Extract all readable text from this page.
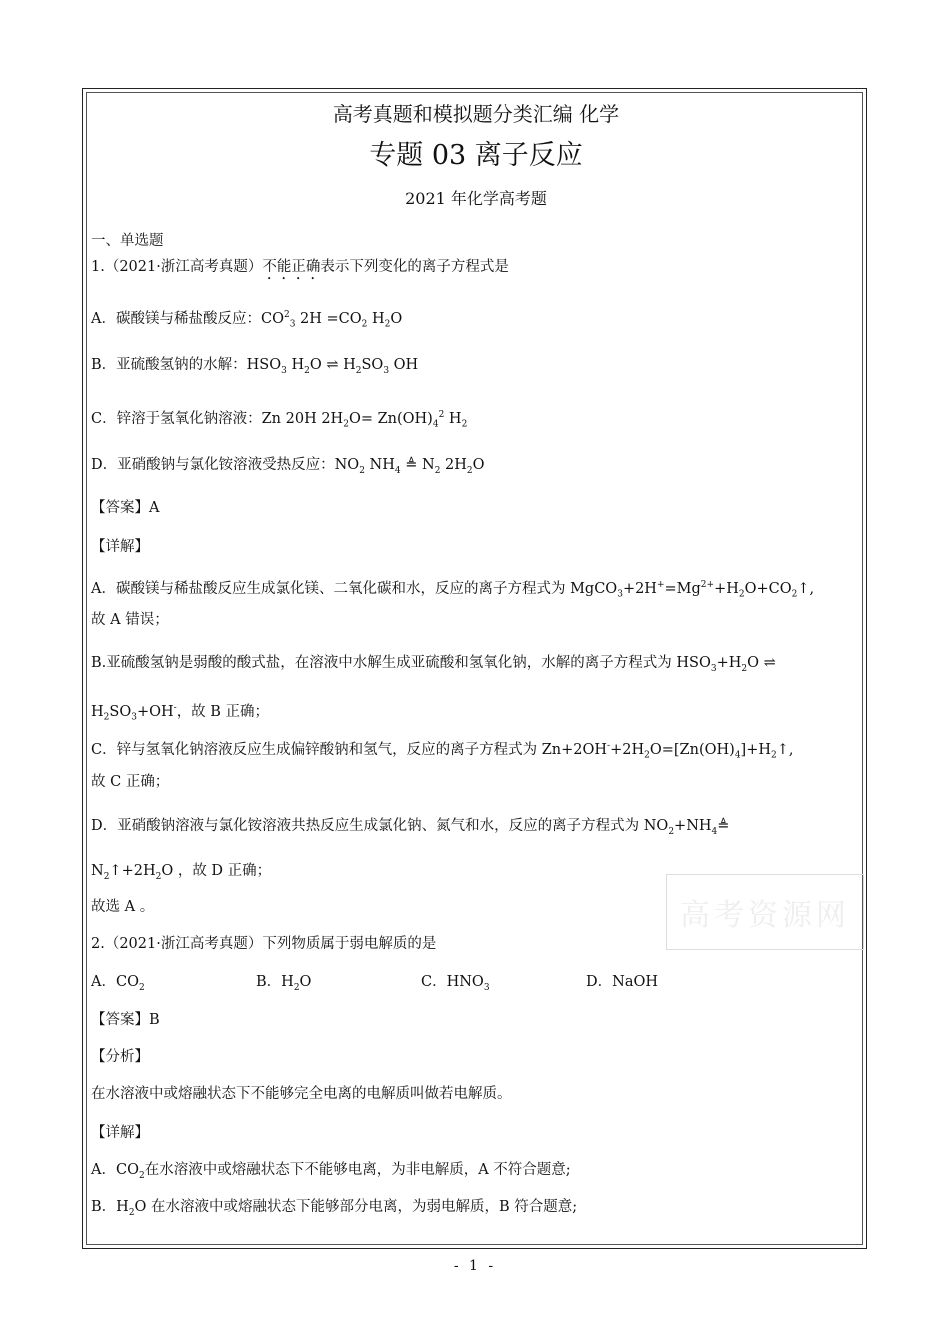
高考真题和模拟题分类汇编 化学

专题 03 离子反应

2021 年化学高考题

一、单选题
1.（2021·浙江高考真题）不能正确表示下列变化的离子方程式是
A．碳酸镁与稀盐酸反应：$CO^2_3$ $2H =CO_2$ $H_2O$
B．亚硫酸氢钠的水解：$HSO_3$ $H_2O$ ⇌ $H_2SO_3$ OH
C．锌溶于氢氧化钠溶液：Zn 20H $2H_2O= Zn(OH)_4^2$ $H_2$
D．亚硝酸钠与氯化铵溶液受热反应：$NO_2$ $NH_4$ ≜ $N_2$ $2H_2O$
【答案】A
【详解】
A．碳酸镁与稀盐酸反应生成氯化镁、二氧化碳和水，反应的离子方程式为 $MgCO_3+2H^+=Mg^{2+}+H_2O+CO_2↑$,
故 A 错误；
B.亚硫酸氢钠是弱酸的酸式盐，在溶液中水解生成亚硫酸和氢氧化钠，水解的离子方程式为 $HSO_3+H_2O$ ⇌
$H_2SO_3+OH^-$，故 B 正确；
C．锌与氢氧化钠溶液反应生成偏锌酸钠和氢气，反应的离子方程式为 $Zn+2OH^-+2H_2O=[Zn(OH)_4]+H_2↑$,
故 C 正确；
D．亚硝酸钠溶液与氯化铵溶液共热反应生成氯化钠、氮气和水，反应的离子方程式为 $NO_2+NH_4≜$
$N_2↑+2H_2O$ ，故 D 正确；
故选 A 。
2.（2021·浙江高考真题）下列物质属于弱电解质的是
A．$CO_2$	B．$H_2O$	C．$HNO_3$	D．NaOH
【答案】B
【分析】
在水溶液中或熔融状态下不能够完全电离的电解质叫做若电解质。
【详解】
A．$CO_2$在水溶液中或熔融状态下不能够电离，为非电解质，A 不符合题意;
B．$H_2O$ 在水溶液中或熔融状态下能够部分电离，为弱电解质，B 符合题意;
高考资源网
- 1 -
